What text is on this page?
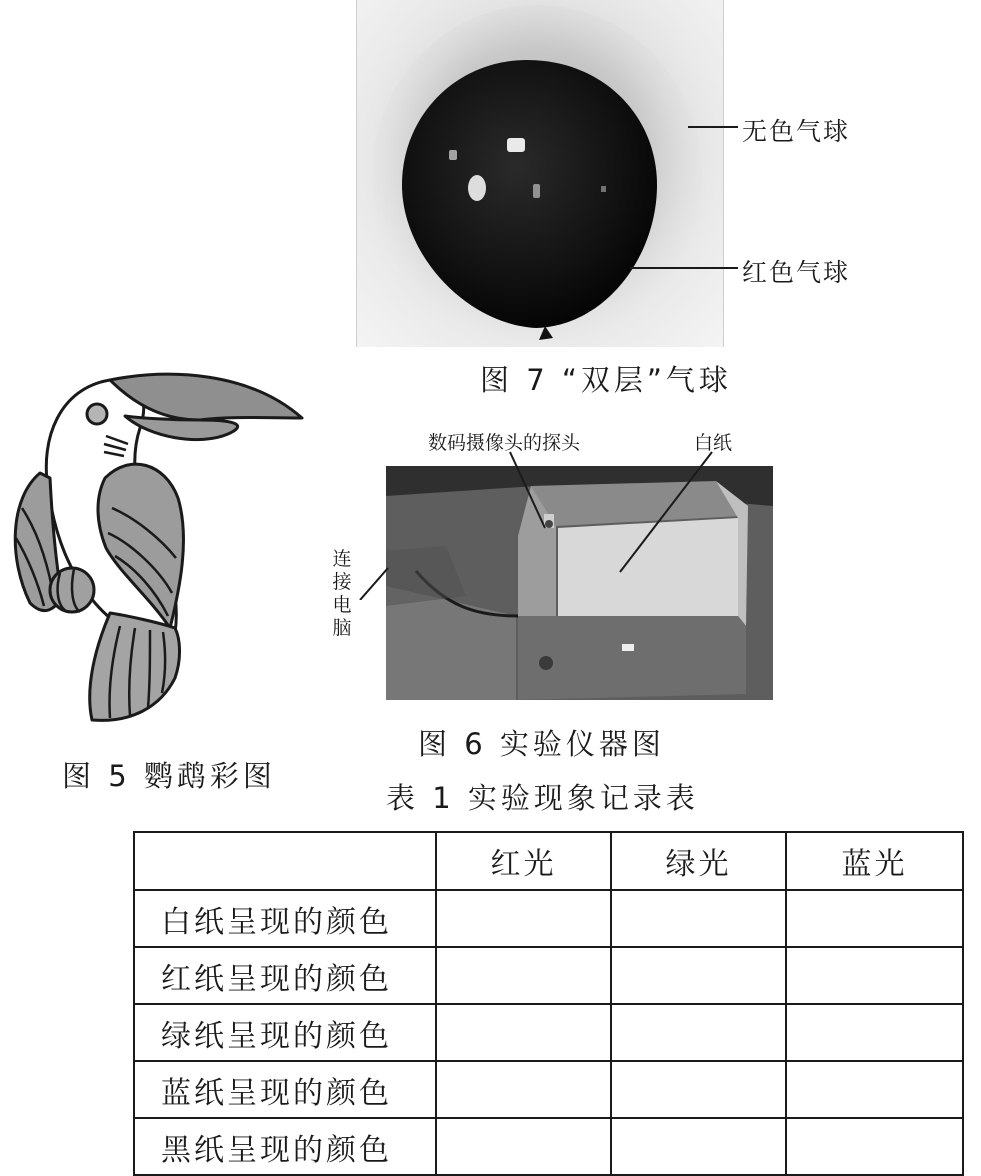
无色气球
红色气球
图 7 “双层”气球
图 5 鹦鹉彩图
数码摄像头的探头	白纸
连接电脑
图 6 实验仪器图
表 1 实验现象记录表
	红光	绿光	蓝光
白纸呈现的颜色			
红纸呈现的颜色			
绿纸呈现的颜色			
蓝纸呈现的颜色			
黑纸呈现的颜色			
